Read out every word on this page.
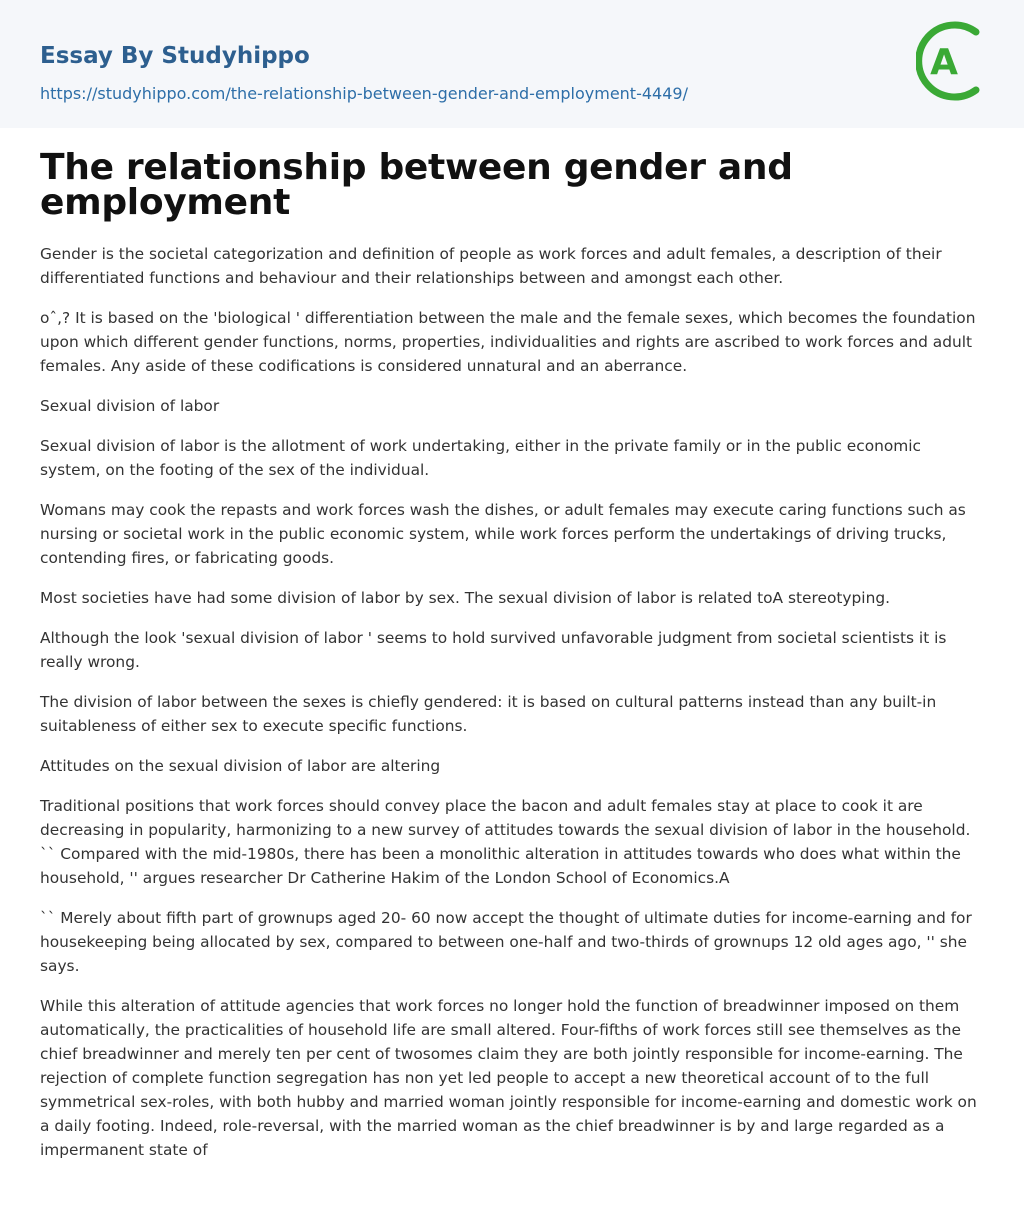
Essay By Studyhippo
https://studyhippo.com/the-relationship-between-gender-and-employment-4449/
A
The relationship between gender and employment

Gender is the societal categorization and definition of people as work forces and adult females, a description of their differentiated functions and behaviour and their relationships between and amongst each other.

oˆ,? It is based on the 'biological ' differentiation between the male and the female sexes, which becomes the foundation upon which different gender functions, norms, properties, individualities and rights are ascribed to work forces and adult females. Any aside of these codifications is considered unnatural and an aberrance.

Sexual division of labor

Sexual division of labor is the allotment of work undertaking, either in the private family or in the public economic system, on the footing of the sex of the individual.

Womans may cook the repasts and work forces wash the dishes, or adult females may execute caring functions such as nursing or societal work in the public economic system, while work forces perform the undertakings of driving trucks, contending fires, or fabricating goods.

Most societies have had some division of labor by sex. The sexual division of labor is related toA stereotyping.

Although the look 'sexual division of labor ' seems to hold survived unfavorable judgment from societal scientists it is really wrong.

The division of labor between the sexes is chiefly gendered: it is based on cultural patterns instead than any built-in suitableness of either sex to execute specific functions.

Attitudes on the sexual division of labor are altering

Traditional positions that work forces should convey place the bacon and adult females stay at place to cook it are decreasing in popularity, harmonizing to a new survey of attitudes towards the sexual division of labor in the household. `` Compared with the mid-1980s, there has been a monolithic alteration in attitudes towards who does what within the household, '' argues researcher Dr Catherine Hakim of the London School of Economics.A

`` Merely about fifth part of grownups aged 20- 60 now accept the thought of ultimate duties for income-earning and for housekeeping being allocated by sex, compared to between one-half and two-thirds of grownups 12 old ages ago, '' she says.

While this alteration of attitude agencies that work forces no longer hold the function of breadwinner imposed on them automatically, the practicalities of household life are small altered. Four-fifths of work forces still see themselves as the chief breadwinner and merely ten per cent of twosomes claim they are both jointly responsible for income-earning. The rejection of complete function segregation has non yet led people to accept a new theoretical account of to the full symmetrical sex-roles, with both hubby and married woman jointly responsible for income-earning and domestic work on a daily footing. Indeed, role-reversal, with the married woman as the chief breadwinner is by and large regarded as a impermanent state of
